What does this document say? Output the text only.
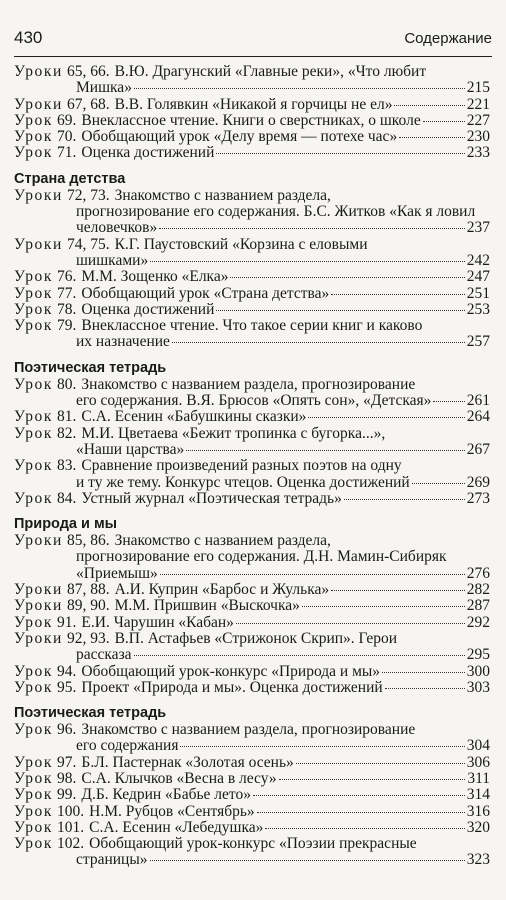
430	Содержание
Уроки 65, 66. В.Ю. Драгунский «Главные реки», «Что любит
Мишка»	215
Уроки 67, 68. В.В. Голявкин «Никакой я горчицы не ел»	221
Урок 69. Внеклассное чтение. Книги о сверстниках, о школе	227
Урок 70. Обобщающий урок «Делу время — потехе час»	230
Урок 71. Оценка достижений	233
Страна детства
Уроки 72, 73. Знакомство с названием раздела,
прогнозирование его содержания. Б.С. Житков «Как я ловил
человечков»	237
Уроки 74, 75. К.Г. Паустовский «Корзина с еловыми
шишками»	242
Урок 76. М.М. Зощенко «Елка»	247
Урок 77. Обобщающий урок «Страна детства»	251
Урок 78. Оценка достижений	253
Урок 79. Внеклассное чтение. Что такое серии книг и каково
их назначение	257
Поэтическая тетрадь
Урок 80. Знакомство с названием раздела, прогнозирование
его содержания. В.Я. Брюсов «Опять сон», «Детская» 261
Урок 81. С.А. Есенин «Бабушкины сказки»	264
Урок 82. М.И. Цветаева «Бежит тропинка с бугорка...»,
«Наши царства»	267
Урок 83. Сравнение произведений разных поэтов на одну
и ту же тему. Конкурс чтецов. Оценка достижений	269
Урок 84. Устный журнал «Поэтическая тетрадь»	273
Природа и мы
Уроки 85, 86. Знакомство с названием раздела,
прогнозирование его содержания. Д.Н. Мамин-Сибиряк
«Приемыш»	276
Уроки 87, 88. А.И. Куприн «Барбос и Жулька»	282
Уроки 89, 90. М.М. Пришвин «Выскочка»	287
Урок 91. Е.И. Чарушин «Кабан»	292
Уроки 92, 93. В.П. Астафьев «Стрижонок Скрип». Герои
рассказа	295
Урок 94. Обобщающий урок-конкурс «Природа и мы»	300
Урок 95. Проект «Природа и мы». Оценка достижений	303
Поэтическая тетрадь
Урок 96. Знакомство с названием раздела, прогнозирование
его содержания	304
Урок 97. Б.Л. Пастернак «Золотая осень»	306
Урок 98. С.А. Клычков «Весна в лесу»	311
Урок 99. Д.Б. Кедрин «Бабье лето»	314
Урок 100. Н.М. Рубцов «Сентябрь»	316
Урок 101. С.А. Есенин «Лебедушка»	320
Урок 102. Обобщающий урок-конкурс «Поэзии прекрасные
страницы»	323
